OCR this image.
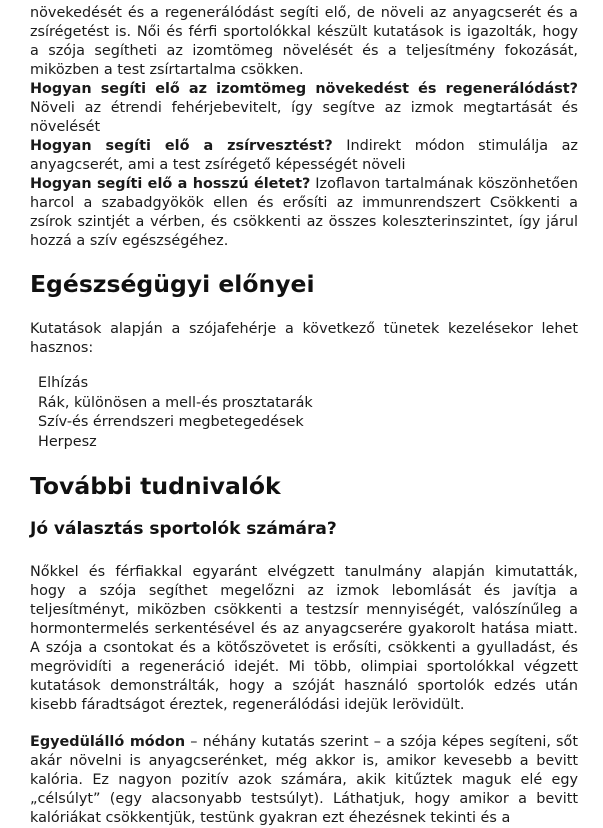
növekedését és a regenerálódást segíti elő, de növeli az anyagcserét és a zsírégetést is. Női és férfi sportolókkal készült kutatások is igazolták, hogy a szója segítheti az izomtömeg növelését és a teljesítmény fokozását, miközben a test zsírtartalma csökken.

Hogyan segíti elő az izomtömeg növekedést és regenerálódást? Növeli az étrendi fehérjebevitelt, így segítve az izmok megtartását és növelését

Hogyan segíti elő a zsírvesztést? Indirekt módon stimulálja az anyagcserét, ami a test zsírégető képességét növeli

Hogyan segíti elő a hosszú életet? Izoflavon tartalmának köszönhetően harcol a szabadgyökök ellen és erősíti az immunrendszert Csökkenti a zsírok szintjét a vérben, és csökkenti az összes koleszterinszintet, így járul hozzá a szív egészségéhez.

Egészségügyi előnyei

Kutatások alapján a szójafehérje a következő tünetek kezelésekor lehet hasznos:

Elhízás
Rák, különösen a mell-és prosztatarák
Szív-és érrendszeri megbetegedések
Herpesz
További tudnivalók
Jó választás sportolók számára?

Nőkkel és férfiakkal egyaránt elvégzett tanulmány alapján kimutatták, hogy a szója segíthet megelőzni az izmok lebomlását és javítja a teljesítményt, miközben csökkenti a testzsír mennyiségét, valószínűleg a hormontermelés serkentésével és az anyagcserére gyakorolt hatása miatt. A szója a csontokat és a kötőszövetet is erősíti, csökkenti a gyulladást, és megrövidíti a regeneráció idejét. Mi több, olimpiai sportolókkal végzett kutatások demonstrálták, hogy a szóját használó sportolók edzés után kisebb fáradtságot éreztek, regenerálódási idejük lerövidült.

Egyedülálló módon – néhány kutatás szerint – a szója képes segíteni, sőt akár növelni is anyagcserénket, még akkor is, amikor kevesebb a bevitt kalória. Ez nagyon pozitív azok számára, akik kitűztek maguk elé egy „célsúlyt” (egy alacsonyabb testsúlyt). Láthatjuk, hogy amikor a bevitt kalóriákat csökkentjük, testünk gyakran ezt éhezésnek tekinti és a
